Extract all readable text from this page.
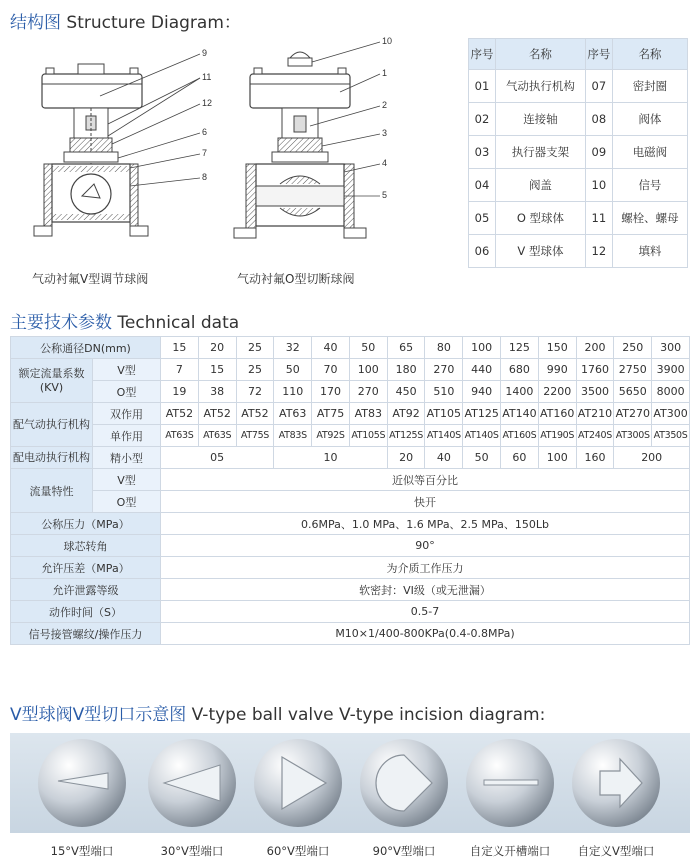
结构图 Structure Diagram：
9
11
12
6
7
8
10
1
2
3
4
5
气动衬氟V型调节球阀	气动衬氟O型切断球阀
序号	名称	序号	名称
01	气动执行机构	07	密封圈
02	连接轴	08	阀体
03	执行器支架	09	电磁阀
04	阀盖	10	信号
05	O 型球体	11	螺栓、螺母
06	V 型球体	12	填料
主要技术参数 Technical data
公称通径DN(mm)		15	20	25	32	40	50	65	80	100	125	150	200	250	300
额定流量系数(KV)	V型	7	15	25	50	70	100	180	270	440	680	990	1760	2750	3900
	O型	19	38	72	110	170	270	450	510	940	1400	2200	3500	5650	8000
配气动执行机构	双作用	AT52	AT52	AT52	AT63	AT75	AT83	AT92	AT105	AT125	AT140	AT160	AT210	AT270	AT300
	单作用	AT63S	AT63S	AT75S	AT83S	AT92S	AT105S	AT125S	AT140S	AT140S	AT160S	AT190S	AT240S	AT300S	AT350S
配电动执行机构	精小型	05			10			20	40	50	60	100	160	200	
流量特性	V型	近似等百分比													
	O型	快开													
公称压力（MPa）		0.6MPa、1.0 MPa、1.6 MPa、2.5 MPa、150Lb													
球芯转角		90°													
允许压差（MPa）		为介质工作压力													
允许泄露等级		软密封：VI级（或无泄漏）													
动作时间（S）		0.5-7													
信号接管螺纹/操作压力		M10×1/400-800KPa(0.4-0.8MPa)													
V型球阀V型切口示意图 V-type ball valve V-type incision diagram:
15°V型端口	30°V型端口	60°V型端口	90°V型端口	自定义开槽端口	自定义V型端口
